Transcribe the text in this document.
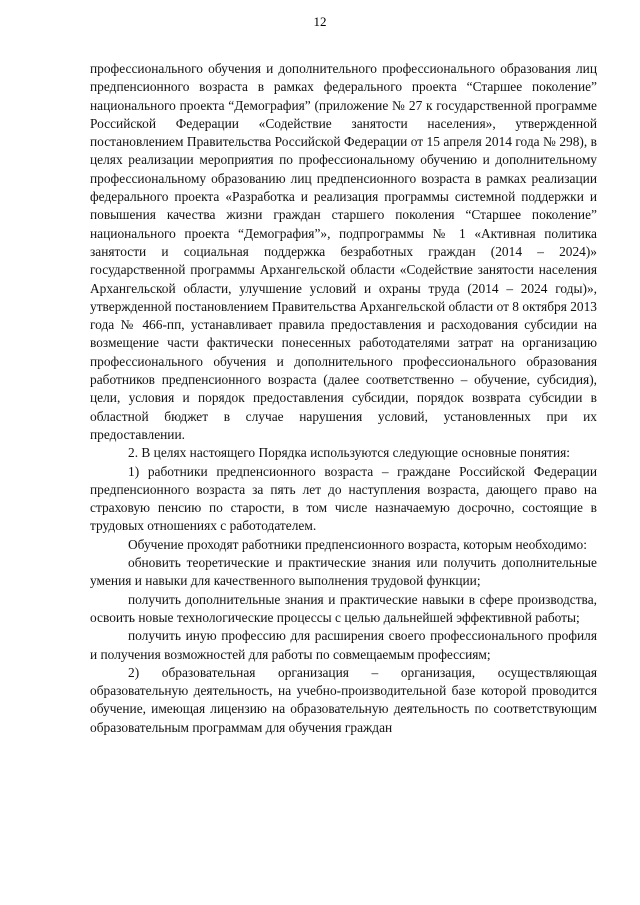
12

профессионального обучения и дополнительного профессионального образования лиц предпенсионного возраста в рамках федерального проекта “Старшее поколение” национального проекта “Демография” (приложение № 27 к государственной программе Российской Федерации «Содействие занятости населения», утвержденной постановлением Правительства Российской Федерации от 15 апреля 2014 года № 298), в целях реализации мероприятия по профессиональному обучению и дополнительному профессиональному образованию лиц предпенсионного возраста в рамках реализации федерального проекта «Разработка и реализация программы системной поддержки и повышения качества жизни граждан старшего поколения “Старшее поколение” национального проекта “Демография”», подпрограммы № 1 «Активная политика занятости и социальная поддержка безработных граждан (2014 – 2024)» государственной программы Архангельской области «Содействие занятости населения Архангельской области, улучшение условий и охраны труда (2014 – 2024 годы)», утвержденной постановлением Правительства Архангельской области от 8 октября 2013 года № 466-пп, устанавливает правила предоставления и расходования субсидии на возмещение части фактически понесенных работодателями затрат на организацию профессионального обучения и дополнительного профессионального образования работников предпенсионного возраста (далее соответственно – обучение, субсидия), цели, условия и порядок предоставления субсидии, порядок возврата субсидии в областной бюджет в случае нарушения условий, установленных при их предоставлении.

2. В целях настоящего Порядка используются следующие основные понятия:

1) работники предпенсионного возраста – граждане Российской Федерации предпенсионного возраста за пять лет до наступления возраста, дающего право на страховую пенсию по старости, в том числе назначаемую досрочно, состоящие в трудовых отношениях с работодателем.

Обучение проходят работники предпенсионного возраста, которым необходимо:

обновить теоретические и практические знания или получить дополнительные умения и навыки для качественного выполнения трудовой функции;

получить дополнительные знания и практические навыки в сфере производства, освоить новые технологические процессы с целью дальнейшей эффективной работы;

получить иную профессию для расширения своего профессионального профиля и получения возможностей для работы по совмещаемым профессиям;

2) образовательная организация – организация, осуществляющая образовательную деятельность, на учебно-производительной базе которой проводится обучение, имеющая лицензию на образовательную деятельность по соответствующим образовательным программам для обучения граждан
